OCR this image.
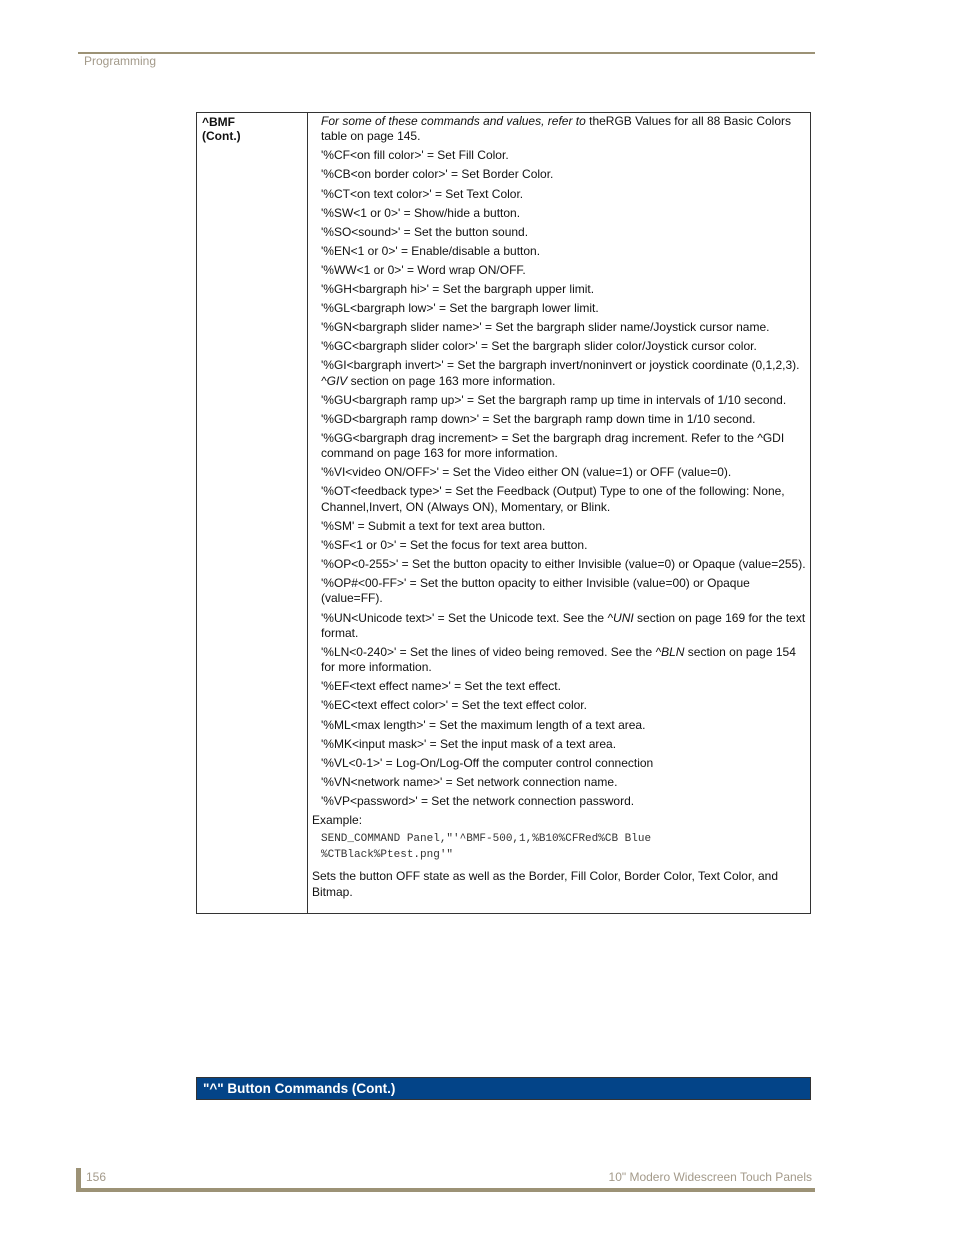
Programming
^BMF
(Cont.)

For some of these commands and values, refer to theRGB Values for all 88 Basic Colors table on page 145.

'%CF<on fill color>' = Set Fill Color.

'%CB<on border color>' = Set Border Color.

'%CT<on text color>' = Set Text Color.

'%SW<1 or 0>' = Show/hide a button.

'%SO<sound>' = Set the button sound.

'%EN<1 or 0>' = Enable/disable a button.

'%WW<1 or 0>' = Word wrap ON/OFF.

'%GH<bargraph hi>' = Set the bargraph upper limit.

'%GL<bargraph low>' = Set the bargraph lower limit.

'%GN<bargraph slider name>' = Set the bargraph slider name/Joystick cursor name.

'%GC<bargraph slider color>' = Set the bargraph slider color/Joystick cursor color.

'%GI<bargraph invert>' = Set the bargraph invert/noninvert or joystick coordinate (0,1,2,3). ^GIV section on page 163 more information.

'%GU<bargraph ramp up>' = Set the bargraph ramp up time in intervals of 1/10 second.

'%GD<bargraph ramp down>' = Set the bargraph ramp down time in 1/10 second.

'%GG<bargraph drag increment> = Set the bargraph drag increment. Refer to the ^GDI command on page 163 for more information.

'%VI<video ON/OFF>' = Set the Video either ON (value=1) or OFF (value=0).

'%OT<feedback type>' = Set the Feedback (Output) Type to one of the following: None, Channel,Invert, ON (Always ON), Momentary, or Blink.

'%SM' = Submit a text for text area button.

'%SF<1 or 0>' = Set the focus for text area button.

'%OP<0-255>' = Set the button opacity to either Invisible (value=0) or Opaque (value=255).

'%OP#<00-FF>' = Set the button opacity to either Invisible (value=00) or Opaque (value=FF).

'%UN<Unicode text>' = Set the Unicode text. See the ^UNI section on page 169 for the text format.

'%LN<0-240>' = Set the lines of video being removed. See the ^BLN section on page 154 for more information.

'%EF<text effect name>' = Set the text effect.

'%EC<text effect color>' = Set the text effect color.

'%ML<max length>' = Set the maximum length of a text area.

'%MK<input mask>' = Set the input mask of a text area.

'%VL<0-1>' = Log-On/Log-Off the computer control connection

'%VN<network name>' = Set network connection name.

'%VP<password>' = Set the network connection password.

Example:

SEND_COMMAND Panel,"'^BMF-500,1,%B10%CFRed%CB Blue
%CTBlack%Ptest.png'"

Sets the button OFF state as well as the Border, Fill Color, Border Color, Text Color, and Bitmap.

"^" Button Commands (Cont.)
156	10" Modero Widescreen Touch Panels
